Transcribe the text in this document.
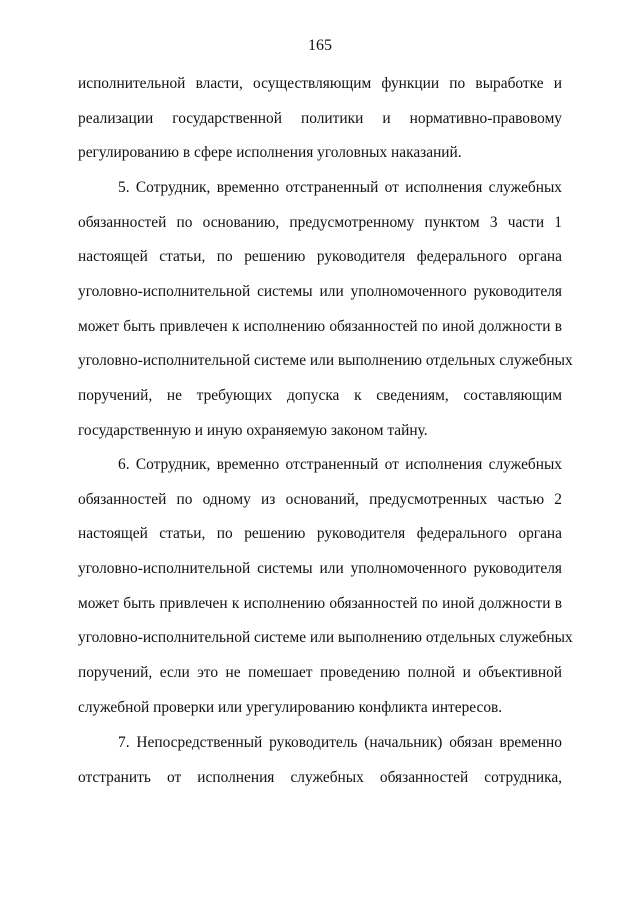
165
исполнительной власти, осуществляющим функции по выработке и
реализации государственной политики и нормативно-правовому
регулированию в сфере исполнения уголовных наказаний.
5. Сотрудник, временно отстраненный от исполнения служебных
обязанностей по основанию, предусмотренному пунктом 3 части 1
настоящей статьи, по решению руководителя федерального органа
уголовно-исполнительной системы или уполномоченного руководителя
может быть привлечен к исполнению обязанностей по иной должности в
уголовно-исполнительной системе или выполнению отдельных служебных
поручений, не требующих допуска к сведениям, составляющим
государственную и иную охраняемую законом тайну.
6. Сотрудник, временно отстраненный от исполнения служебных
обязанностей по одному из оснований, предусмотренных частью 2
настоящей статьи, по решению руководителя федерального органа
уголовно-исполнительной системы или уполномоченного руководителя
может быть привлечен к исполнению обязанностей по иной должности в
уголовно-исполнительной системе или выполнению отдельных служебных
поручений, если это не помешает проведению полной и объективной
служебной проверки или урегулированию конфликта интересов.
7. Непосредственный руководитель (начальник) обязан временно
отстранить от исполнения служебных обязанностей сотрудника,
